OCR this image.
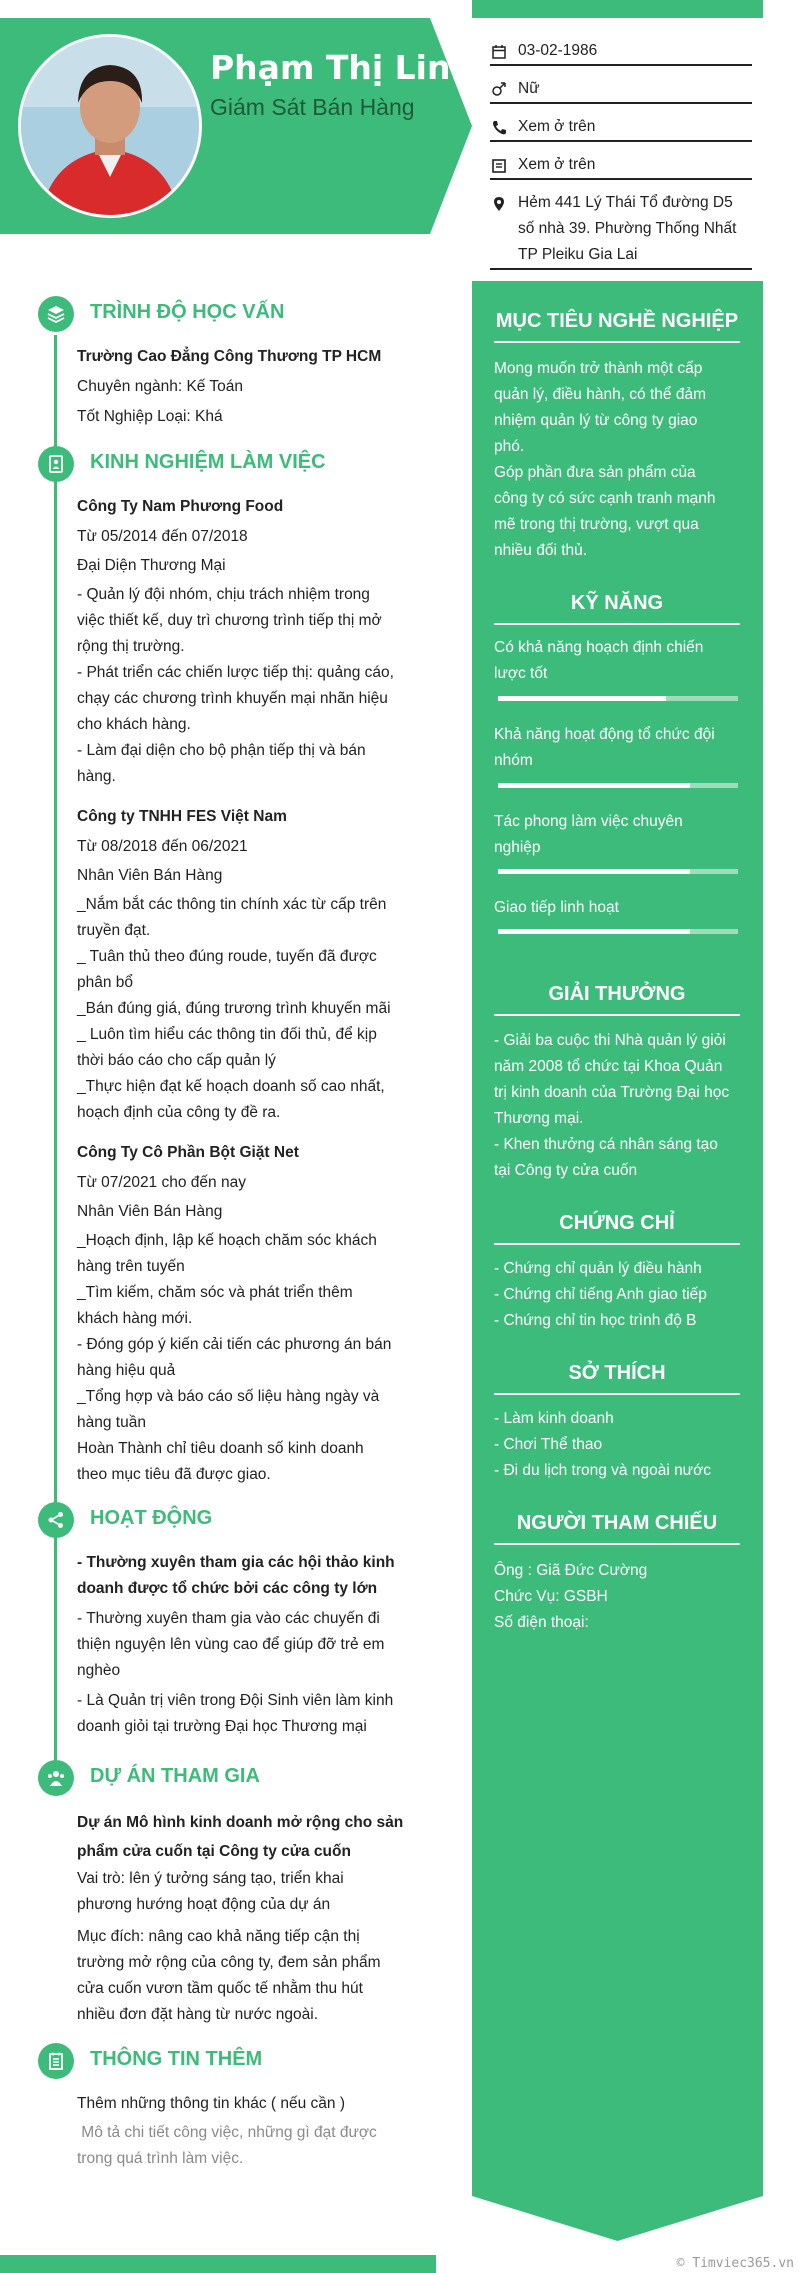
Phạm Thị Linh
Giám Sát Bán Hàng
03-02-1986
Nữ
Xem ở trên
Xem ở trên
Hẻm 441 Lý Thái Tổ đường D5 số nhà 39. Phường Thống Nhất TP Pleiku Gia Lai
MỤC TIÊU NGHỀ NGHIỆP
Mong muốn trở thành một cấp
quản lý, điều hành, có thể đảm
nhiệm quản lý từ công ty giao
phó.
Góp phần đưa sản phẩm của
công ty có sức cạnh tranh mạnh
mẽ trong thị trường, vượt qua
nhiều đối thủ.
KỸ NĂNG
Có khả năng hoạch định chiến
lược tốt
Khả năng hoạt động tổ chức đội
nhóm
Tác phong làm việc chuyên
nghiệp
Giao tiếp linh hoạt
GIẢI THƯỞNG
- Giải ba cuộc thi Nhà quản lý giỏi
năm 2008 tổ chức tại Khoa Quản
trị kinh doanh của Trường Đại học
Thương mại.
- Khen thưởng cá nhân sáng tạo
tại Công ty cửa cuốn
CHỨNG CHỈ
- Chứng chỉ quản lý điều hành
- Chứng chỉ tiếng Anh giao tiếp
- Chứng chỉ tin học trình độ B
SỞ THÍCH
- Làm kinh doanh
- Chơi Thể thao
- Đi du lịch trong và ngoài nước
NGƯỜI THAM CHIẾU
Ông : Giã Đức Cường
Chức Vụ: GSBH
Số điện thoại:
TRÌNH ĐỘ HỌC VẤN
Trường Cao Đẳng Công Thương TP HCM
Chuyên ngành: Kế Toán
Tốt Nghiệp Loại: Khá
KINH NGHIỆM LÀM VIỆC
Công Ty Nam Phương Food
Từ 05/2014 đến 07/2018
Đại Diện Thương Mại
- Quản lý đội nhóm, chịu trách nhiệm trong
việc thiết kế, duy trì chương trình tiếp thị mở
rộng thị trường.
- Phát triển các chiến lược tiếp thị: quảng cáo,
chạy các chương trình khuyến mại nhãn hiệu
cho khách hàng.
- Làm đại diện cho bộ phận tiếp thị và bán
hàng.
Công ty TNHH FES Việt Nam
Từ 08/2018 đến 06/2021
Nhân Viên Bán Hàng
_Nắm bắt các thông tin chính xác từ cấp trên
truyền đạt.
_ Tuân thủ theo đúng roude, tuyến đã được
phân bổ
_Bán đúng giá, đúng trương trình khuyến mãi
_ Luôn tìm hiểu các thông tin đối thủ, để kịp
thời báo cáo cho cấp quản lý
_Thực hiện đạt kế hoạch doanh số cao nhất,
hoạch định của công ty đề ra.
Công Ty Cô Phần Bột Giặt Net
Từ 07/2021 cho đến nay
Nhân Viên Bán Hàng
_Hoạch định, lập kế hoạch chăm sóc khách
hàng trên tuyến
_Tìm kiếm, chăm sóc và phát triển thêm
khách hàng mới.
- Đóng góp ý kiến cải tiến các phương án bán
hàng hiệu quả
_Tổng hợp và báo cáo số liệu hàng ngày và
hàng tuần
Hoàn Thành chỉ tiêu doanh số kinh doanh
theo mục tiêu đã được giao.
HOẠT ĐỘNG
- Thường xuyên tham gia các hội thảo kinh
doanh được tổ chức bởi các công ty lớn
- Thường xuyên tham gia vào các chuyến đi
thiện nguyện lên vùng cao để giúp đỡ trẻ em
nghèo
- Là Quản trị viên trong Đội Sinh viên làm kinh
doanh giỏi tại trường Đại học Thương mại
DỰ ÁN THAM GIA
Dự án Mô hình kinh doanh mở rộng cho sản
phẩm cửa cuốn tại Công ty cửa cuốn
Vai trò: lên ý tưởng sáng tạo, triển khai
phương hướng hoạt động của dự án
Mục đích: nâng cao khả năng tiếp cận thị
trường mở rộng của công ty, đem sản phẩm
cửa cuốn vươn tầm quốc tế nhằm thu hút
nhiều đơn đặt hàng từ nước ngoài.
THÔNG TIN THÊM
Thêm những thông tin khác ( nếu cần )
Mô tả chi tiết công việc, những gì đạt được
trong quá trình làm việc.
© Timviec365.vn
